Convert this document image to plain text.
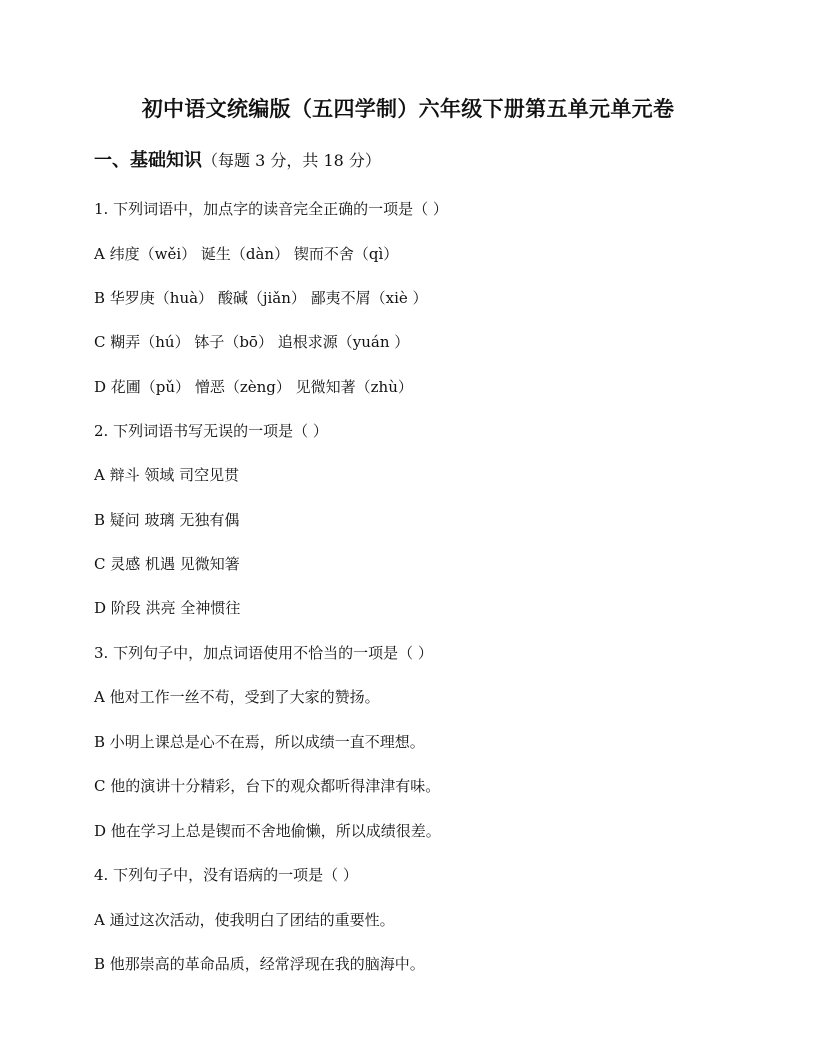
初中语文统编版（五四学制）六年级下册第五单元单元卷
一、基础知识（每题 3 分，共 18 分）
1. 下列词语中，加点字的读音完全正确的一项是（ ）
A 纬度（wěi） 诞生（dàn） 锲而不舍（qì）
B 华罗庚（huà） 酸碱（jiǎn） 鄙夷不屑（xiè ）
C 糊弄（hú） 钵子（bō） 追根求源（yuán ）
D 花圃（pǔ） 憎恶（zèng） 见微知著（zhù）
2. 下列词语书写无误的一项是（ ）
A 辩斗 领域 司空见贯
B 疑问 玻璃 无独有偶
C 灵感 机遇 见微知箸
D 阶段 洪亮 全神惯往
3. 下列句子中，加点词语使用不恰当的一项是（ ）
A 他对工作一丝不苟，受到了大家的赞扬。
B 小明上课总是心不在焉，所以成绩一直不理想。
C 他的演讲十分精彩，台下的观众都听得津津有味。
D 他在学习上总是锲而不舍地偷懒，所以成绩很差。
4. 下列句子中，没有语病的一项是（ ）
A 通过这次活动，使我明白了团结的重要性。
B 他那崇高的革命品质，经常浮现在我的脑海中。
